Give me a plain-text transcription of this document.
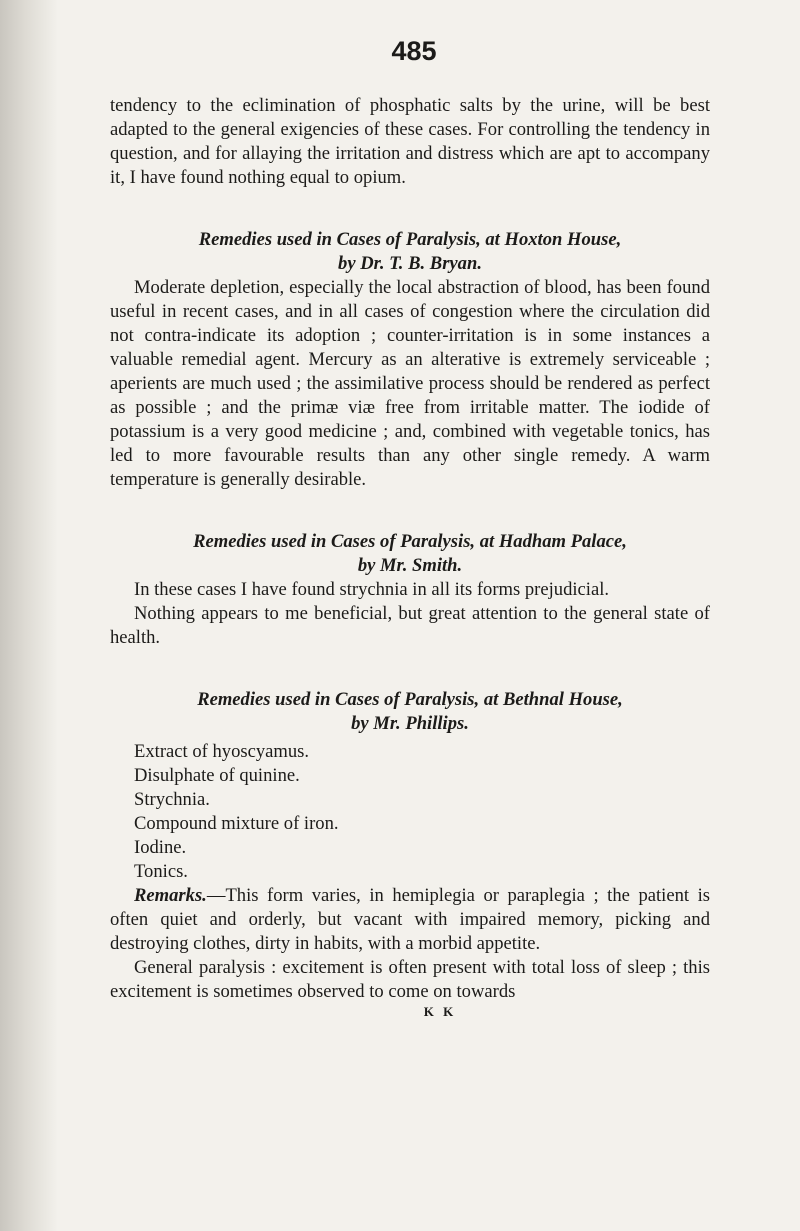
485

tendency to the eclimination of phosphatic salts by the urine, will be best adapted to the general exigencies of these cases. For controlling the tendency in question, and for allaying the irritation and distress which are apt to accompany it, I have found nothing equal to opium.

Remedies used in Cases of Paralysis, at Hoxton House,
by Dr. T. B. Bryan.

Moderate depletion, especially the local abstraction of blood, has been found useful in recent cases, and in all cases of congestion where the circulation did not contra-indicate its adoption ; counter-irritation is in some instances a valuable remedial agent. Mercury as an alterative is extremely serviceable ; aperients are much used ; the assimilative process should be rendered as perfect as possible ; and the primæ viæ free from irritable matter. The iodide of potassium is a very good medicine ; and, combined with vegetable tonics, has led to more favourable results than any other single remedy. A warm temperature is generally desirable.

Remedies used in Cases of Paralysis, at Hadham Palace,
by Mr. Smith.

In these cases I have found strychnia in all its forms prejudicial.

Nothing appears to me beneficial, but great attention to the general state of health.

Remedies used in Cases of Paralysis, at Bethnal House,
by Mr. Phillips.
Extract of hyoscyamus.
Disulphate of quinine.
Strychnia.
Compound mixture of iron.
Iodine.
Tonics.

Remarks.—This form varies, in hemiplegia or paraplegia ; the patient is often quiet and orderly, but vacant with impaired memory, picking and destroying clothes, dirty in habits, with a morbid appetite.

General paralysis : excitement is often present with total loss of sleep ; this excitement is sometimes observed to come on towards

K K
